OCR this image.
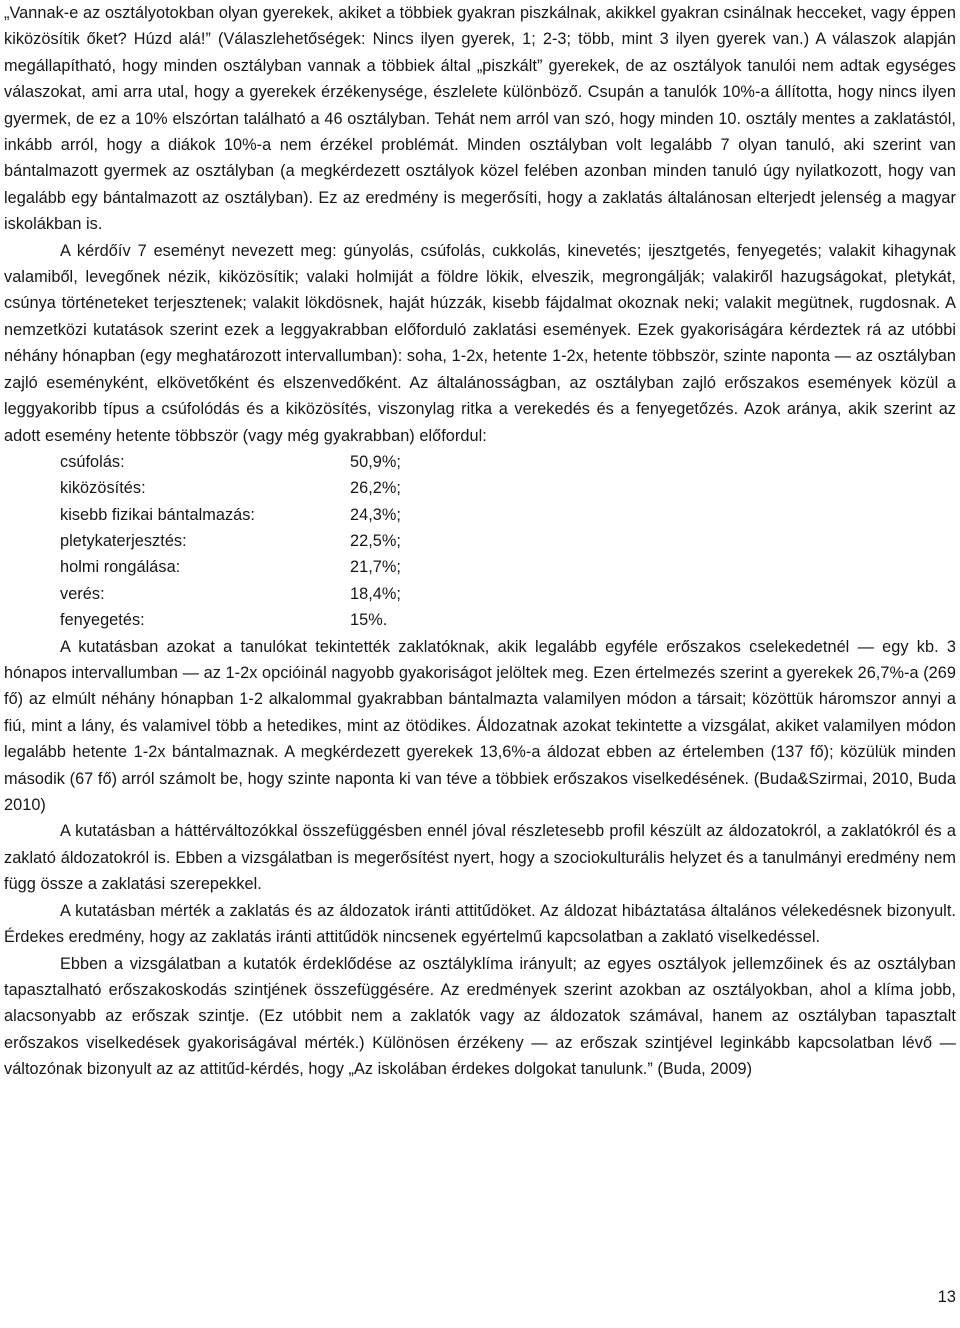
„Vannak-e az osztályotokban olyan gyerekek, akiket a többiek gyakran piszkálnak, akikkel gyakran csinálnak hecceket, vagy éppen kiközösítik őket? Húzd alá!” (Válaszlehetőségek: Nincs ilyen gyerek, 1; 2-3; több, mint 3 ilyen gyerek van.) A válaszok alapján megállapítható, hogy minden osztályban vannak a többiek által „piszkált” gyerekek, de az osztályok tanulói nem adtak egységes válaszokat, ami arra utal, hogy a gyerekek érzékenysége, észlelete különböző. Csupán a tanulók 10%-a állította, hogy nincs ilyen gyermek, de ez a 10% elszórtan található a 46 osztályban. Tehát nem arról van szó, hogy minden 10. osztály mentes a zaklatástól, inkább arról, hogy a diákok 10%-a nem érzékel problémát. Minden osztályban volt legalább 7 olyan tanuló, aki szerint van bántalmazott gyermek az osztályban (a megkérdezett osztályok közel felében azonban minden tanuló úgy nyilatkozott, hogy van legalább egy bántalmazott az osztályban). Ez az eredmény is megerősíti, hogy a zaklatás általánosan elterjedt jelenség a magyar iskolákban is.

A kérdőív 7 eseményt nevezett meg: gúnyolás, csúfolás, cukkolás, kinevetés; ijesztgetés, fenyegetés; valakit kihagynak valamiből, levegőnek nézik, kiközösítik; valaki holmiját a földre lökik, elveszik, megrongálják; valakiről hazugságokat, pletykát, csúnya történeteket terjesztenek; valakit lökdösnek, haját húzzák, kisebb fájdalmat okoznak neki; valakit megütnek, rugdosnak. A nemzetközi kutatások szerint ezek a leggyakrabban előforduló zaklatási események. Ezek gyakoriságára kérdeztek rá az utóbbi néhány hónapban (egy meghatározott intervallumban): soha, 1-2x, hetente 1-2x, hetente többször, szinte naponta — az osztályban zajló eseményként, elkövetőként és elszenvedőként. Az általánosságban, az osztályban zajló erőszakos események közül a leggyakoribb típus a csúfolódás és a kiközösítés, viszonylag ritka a verekedés és a fenyegetőzés. Azok aránya, akik szerint az adott esemény hetente többször (vagy még gyakrabban) előfordul:

csúfolás:	50,9%;
kiközösítés:	26,2%;
kisebb fizikai bántalmazás:	24,3%;
pletykaterjesztés:	22,5%;
holmi rongálása:	21,7%;
verés:	18,4%;
fenyegetés:	15%.

A kutatásban azokat a tanulókat tekintették zaklatóknak, akik legalább egyféle erőszakos cselekedetnél — egy kb. 3 hónapos intervallumban — az 1-2x opcióinál nagyobb gyakoriságot jelöltek meg. Ezen értelmezés szerint a gyerekek 26,7%-a (269 fő) az elmúlt néhány hónapban 1-2 alkalommal gyakrabban bántalmazta valamilyen módon a társait; közöttük háromszor annyi a fiú, mint a lány, és valamivel több a hetedikes, mint az ötödikes. Áldozatnak azokat tekintette a vizsgálat, akiket valamilyen módon legalább hetente 1-2x bántalmaznak. A megkérdezett gyerekek 13,6%-a áldozat ebben az értelemben (137 fő); közülük minden második (67 fő) arról számolt be, hogy szinte naponta ki van téve a többiek erőszakos viselkedésének. (Buda&Szirmai, 2010, Buda 2010)

A kutatásban a háttérváltozókkal összefüggésben ennél jóval részletesebb profil készült az áldozatokról, a zaklatókról és a zaklató áldozatokról is. Ebben a vizsgálatban is megerősítést nyert, hogy a szociokulturális helyzet és a tanulmányi eredmény nem függ össze a zaklatási szerepekkel.

A kutatásban mérték a zaklatás és az áldozatok iránti attitűdöket. Az áldozat hibáztatása általános vélekedésnek bizonyult. Érdekes eredmény, hogy az zaklatás iránti attitűdök nincsenek egyértelmű kapcsolatban a zaklató viselkedéssel.

Ebben a vizsgálatban a kutatók érdeklődése az osztályklíma irányult; az egyes osztályok jellemzőinek és az osztályban tapasztalható erőszakoskodás szintjének összefüggésére. Az eredmények szerint azokban az osztályokban, ahol a klíma jobb, alacsonyabb az erőszak szintje. (Ez utóbbit nem a zaklatók vagy az áldozatok számával, hanem az osztályban tapasztalt erőszakos viselkedések gyakoriságával mérték.) Különösen érzékeny — az erőszak szintjével leginkább kapcsolatban lévő — változónak bizonyult az az attitűd-kérdés, hogy „Az iskolában érdekes dolgokat tanulunk.” (Buda, 2009)

13
